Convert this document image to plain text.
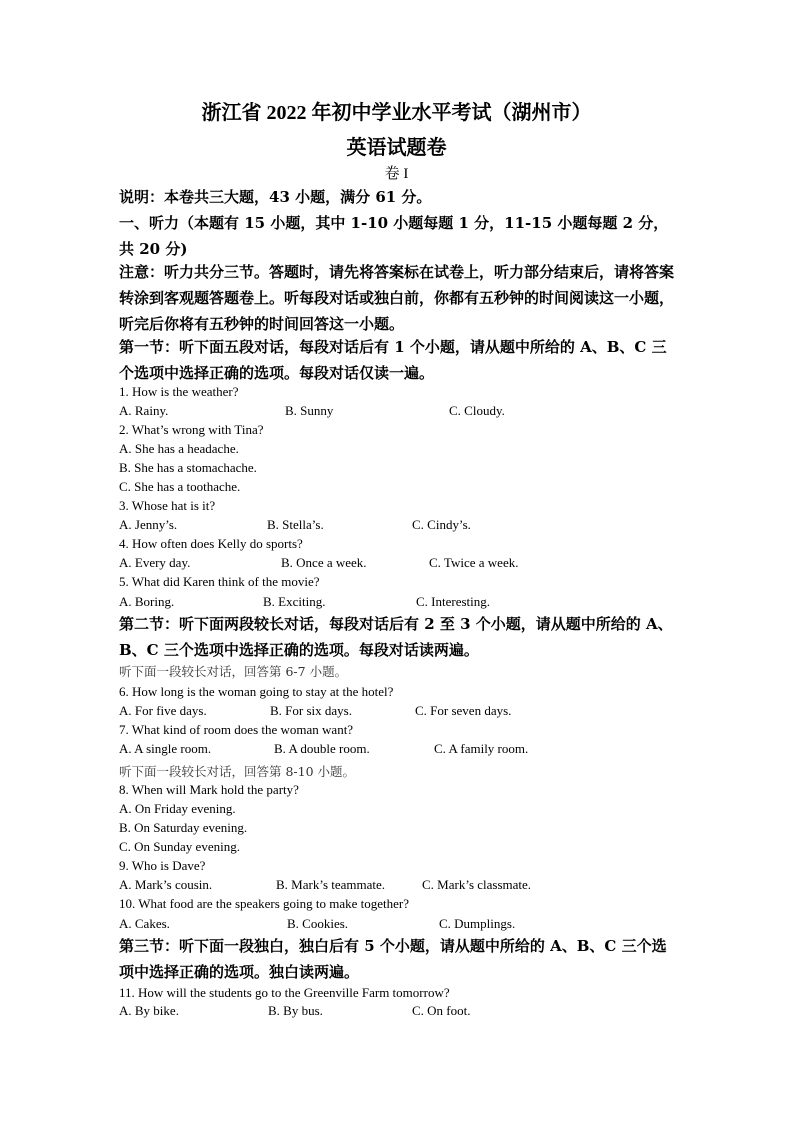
浙江省 2022 年初中学业水平考试（湖州市）
英语试题卷
卷 I
说明：本卷共三大题，43 小题，满分 61 分。
一、听力（本题有 15 小题，其中 1-10 小题每题 1 分，11-15 小题每题 2 分，共 20 分)
注意：听力共分三节。答题时，请先将答案标在试卷上，听力部分结束后，请将答案转涂到客观题答题卷上。听每段对话或独白前，你都有五秒钟的时间阅读这一小题，听完后你将有五秒钟的时间回答这一小题。
第一节：听下面五段对话，每段对话后有 1 个小题，请从题中所给的 A、B、C 三个选项中选择正确的选项。每段对话仅读一遍。
1. How is the weather?
A. Rainy.	B. Sunny	C. Cloudy.
2. What’s wrong with Tina?
A. She has a headache.
B. She has a stomachache.
C. She has a toothache.
3. Whose hat is it?
A. Jenny’s.	B. Stella’s.	C. Cindy’s.
4. How often does Kelly do sports?
A. Every day.	B. Once a week.	C. Twice a week.
5. What did Karen think of the movie?
A. Boring.	B. Exciting.	C. Interesting.
第二节：听下面两段较长对话，每段对话后有 2 至 3 个小题，请从题中所给的 A、B、C 三个选项中选择正确的选项。每段对话读两遍。
听下面一段较长对话，回答第 6-7 小题。
6. How long is the woman going to stay at the hotel?
A. For five days.	B. For six days.	C. For seven days.
7. What kind of room does the woman want?
A. A single room.	B. A double room.	C. A family room.
听下面一段较长对话，回答第 8-10 小题。
8. When will Mark hold the party?
A. On Friday evening.
B. On Saturday evening.
C. On Sunday evening.
9. Who is Dave?
A. Mark’s cousin.	B. Mark’s teammate.	C. Mark’s classmate.
10. What food are the speakers going to make together?
A. Cakes.	B. Cookies.	C. Dumplings.
第三节：听下面一段独白，独白后有 5 个小题，请从题中所给的 A、B、C 三个选项中选择正确的选项。独白读两遍。
11. How will the students go to the Greenville Farm tomorrow?
A. By bike.	B. By bus.	C. On foot.
